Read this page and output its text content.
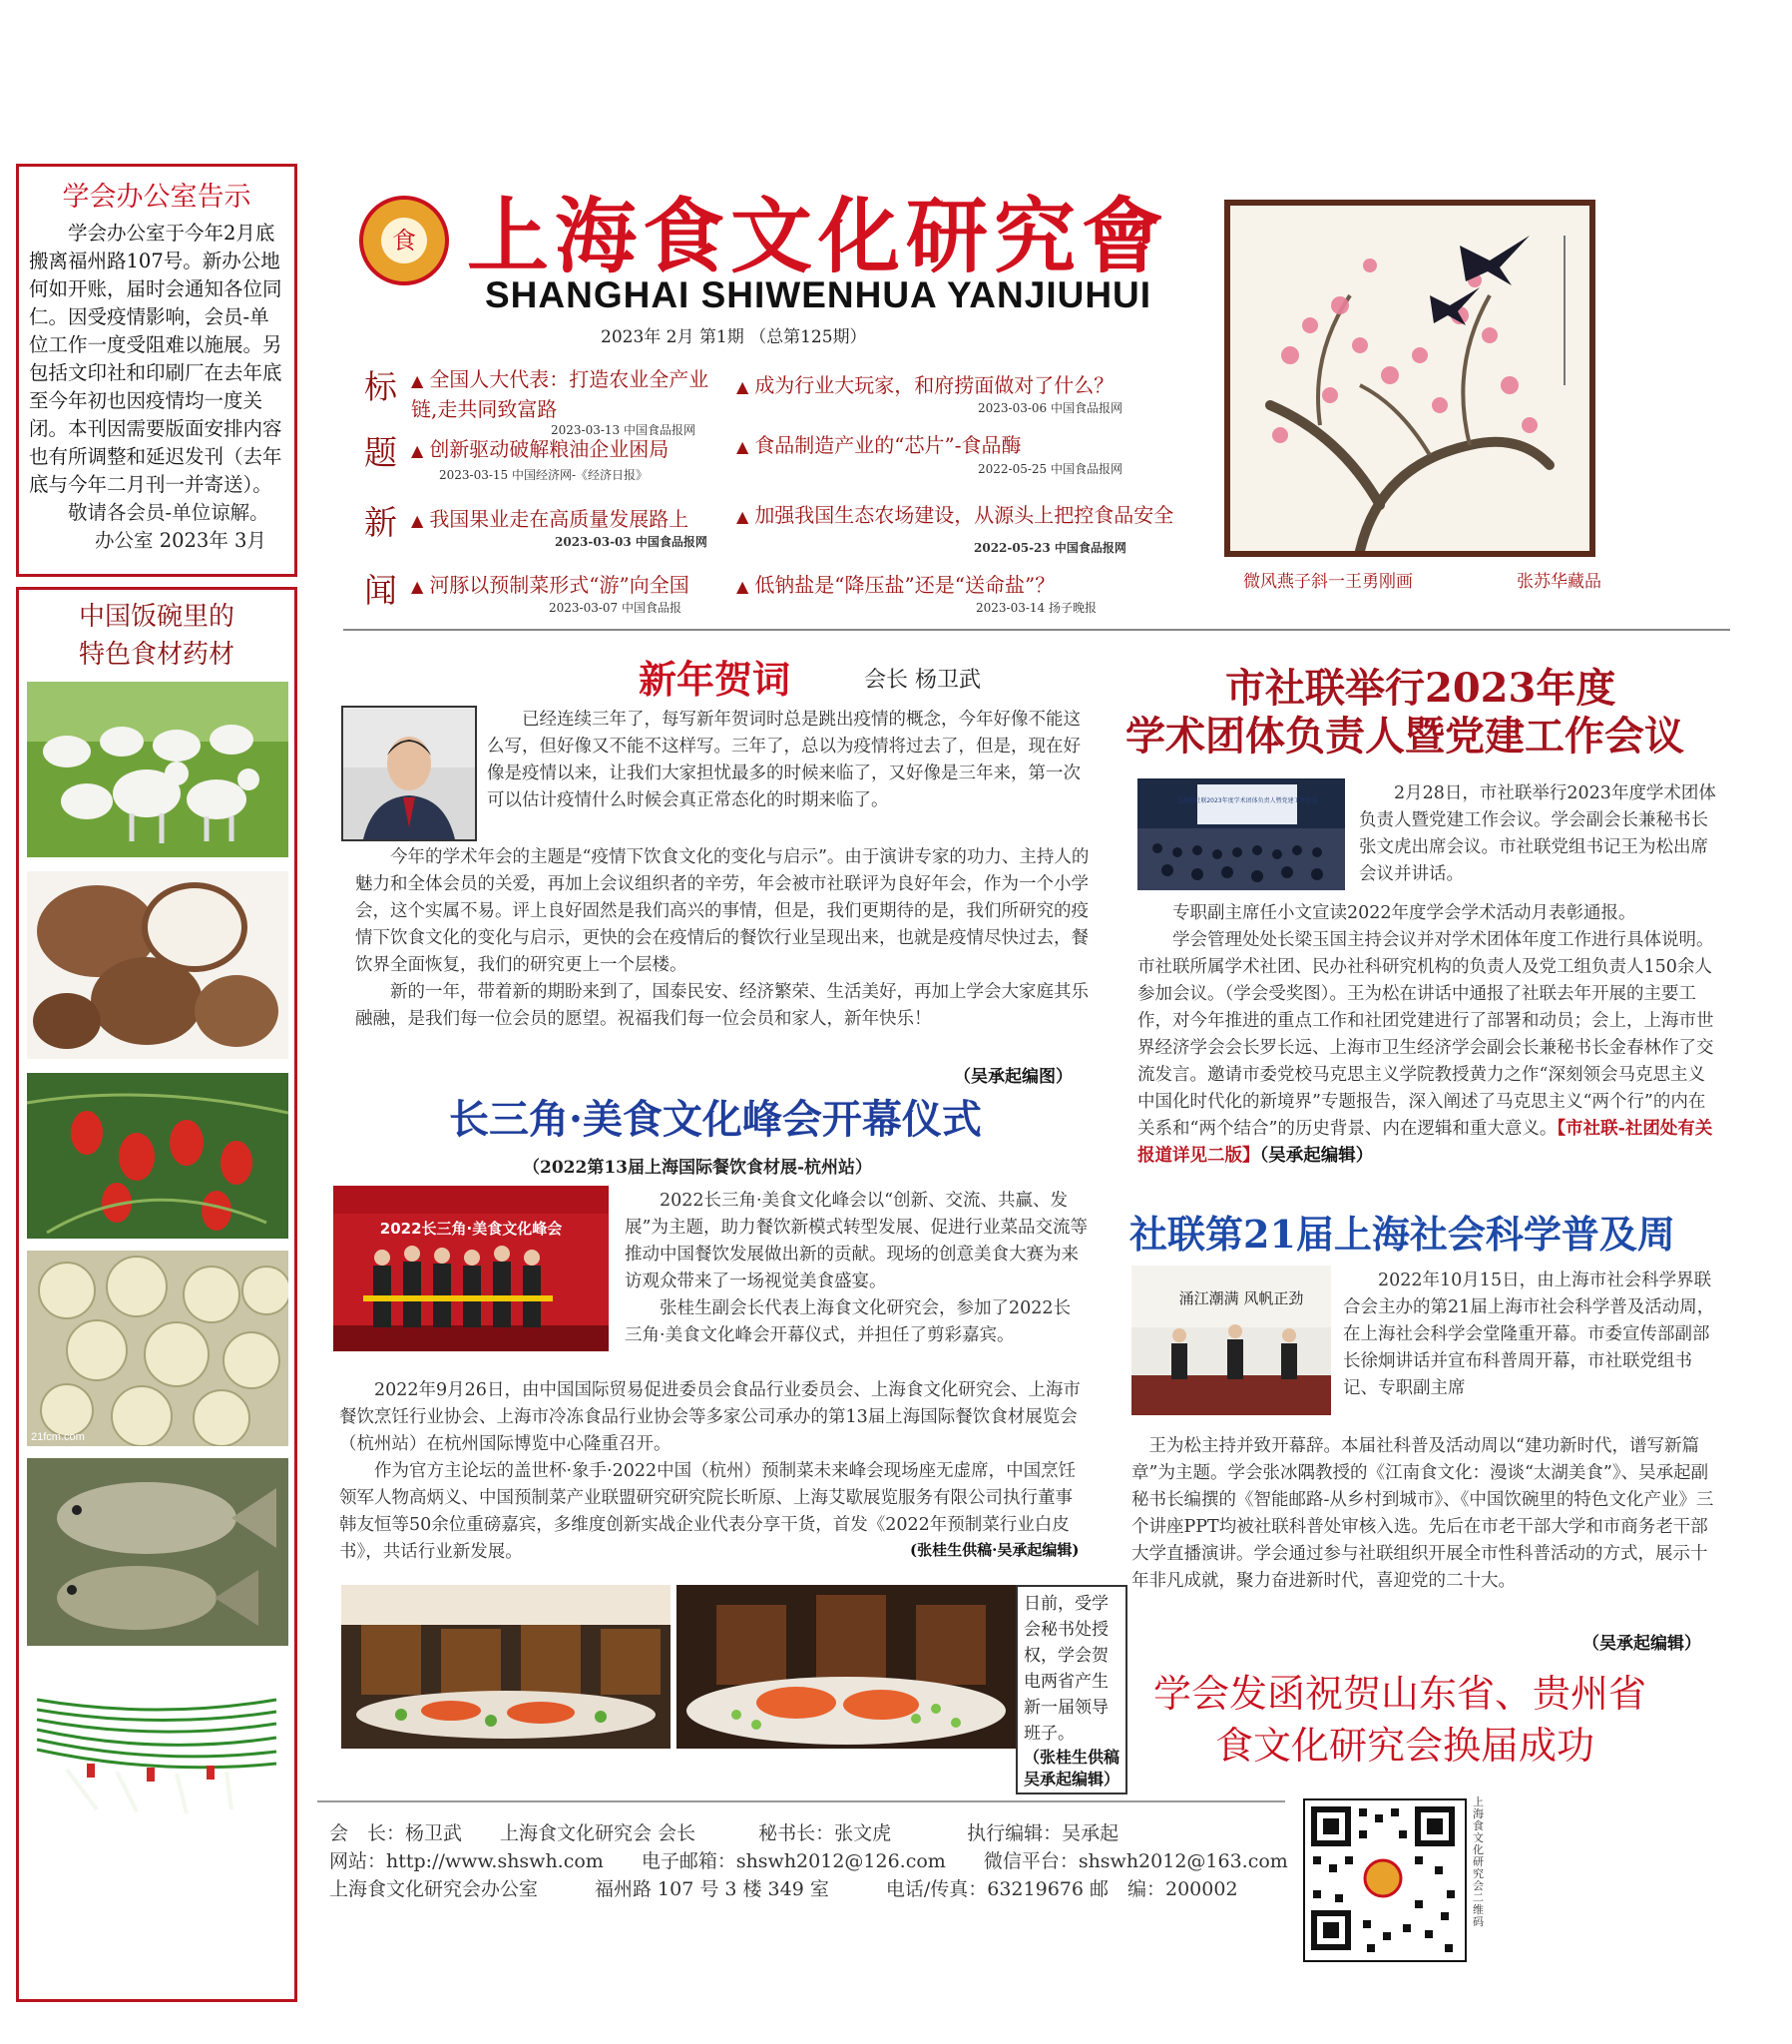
学会办公室告示

学会办公室于今年2月底搬离福州路107号。新办公地何如开账，届时会通知各位同仁。因受疫情影响，会员-单位工作一度受阻难以施展。另包括文印社和印刷厂在去年底至今年初也因疫情均一度关闭。本刊因需要版面安排内容也有所调整和延迟发刊（去年底与今年二月刊一并寄送）。

敬请各会员-单位谅解。

办公室 2023年 3月

中国饭碗里的
特色食材药材
21fcm.com
食 上海食文化研究會
SHANGHAI SHIWENHUA YANJIUHUI
2023年 2月 第1期 （总第125期）
标
题
新
闻
▲ 全国人大代表：打造农业全产业链,走共同致富路
2023-03-13 中国食品报网
▲ 成为行业大玩家，和府捞面做对了什么？
2023-03-06 中国食品报网
▲ 创新驱动破解粮油企业困局
2023-03-15 中国经济网-《经济日报》
▲ 食品制造产业的“芯片”-食品酶
2022-05-25 中国食品报网
▲ 我国果业走在高质量发展路上
2023-03-03 中国食品报网
▲ 加强我国生态农场建设，从源头上把控食品安全
2022-05-23 中国食品报网
▲ 河豚以预制菜形式“游”向全国
2023-03-07 中国食品报
▲ 低钠盐是“降压盐”还是“送命盐”？
2023-03-14 扬子晚报
微风燕子斜一王勇刚画	张苏华藏品
新年贺词	会长 杨卫武

已经连续三年了，每写新年贺词时总是跳出疫情的概念，今年好像不能这么写，但好像又不能不这样写。三年了，总以为疫情将过去了，但是，现在好像是疫情以来，让我们大家担忧最多的时候来临了，又好像是三年来，第一次可以估计疫情什么时候会真正常态化的时期来临了。

今年的学术年会的主题是“疫情下饮食文化的变化与启示”。由于演讲专家的功力、主持人的魅力和全体会员的关爱，再加上会议组织者的辛劳，年会被市社联评为良好年会，作为一个小学会，这个实属不易。评上良好固然是我们高兴的事情，但是，我们更期待的是，我们所研究的疫情下饮食文化的变化与启示，更快的会在疫情后的餐饮行业呈现出来，也就是疫情尽快过去，餐饮界全面恢复，我们的研究更上一个层楼。

新的一年，带着新的期盼来到了，国泰民安、经济繁荣、生活美好，再加上学会大家庭其乐融融，是我们每一位会员的愿望。祝福我们每一位会员和家人，新年快乐！

（吴承起编图）
长三角·美食文化峰会开幕仪式
（2022第13届上海国际餐饮食材展-杭州站）
2022长三角·美食文化峰会

2022长三角·美食文化峰会以“创新、交流、共赢、发展”为主题，助力餐饮新模式转型发展、促进行业菜品交流等推动中国餐饮发展做出新的贡献。现场的创意美食大赛为来访观众带来了一场视觉美食盛宴。

张桂生副会长代表上海食文化研究会，参加了2022长三角·美食文化峰会开幕仪式，并担任了剪彩嘉宾。

2022年9月26日，由中国国际贸易促进委员会食品行业委员会、上海食文化研究会、上海市餐饮烹饪行业协会、上海市冷冻食品行业协会等多家公司承办的第13届上海国际餐饮食材展览会（杭州站）在杭州国际博览中心隆重召开。

作为官方主论坛的盖世杯·象手·2022中国（杭州）预制菜未来峰会现场座无虚席，中国烹饪领军人物高炳义、中国预制菜产业联盟研究研究院长昕原、上海艾歇展览服务有限公司执行董事韩友恒等50余位重磅嘉宾，多维度创新实战企业代表分享干货，首发《2022年预制菜行业白皮书》，共话行业新发展。	(张桂生供稿·吴承起编辑)
日前，受学会秘书处授权，学会贺电两省产生新一届领导班子。
（张桂生供稿吴承起编辑）
市社联举行2023年度
学术团体负责人暨党建工作会议
上海市社联2023年度学术团体负责人暨党建工作会议	2月28日，市社联举行2023年度学术团体负责人暨党建工作会议。学会副会长兼秘书长张文虎出席会议。市社联党组书记王为松出席会议并讲话。

专职副主席任小文宣读2022年度学会学术活动月表彰通报。

学会管理处处长梁玉国主持会议并对学术团体年度工作进行具体说明。市社联所属学术社团、民办社科研究机构的负责人及党工组负责人150余人参加会议。（学会受奖图）。王为松在讲话中通报了社联去年开展的主要工作，对今年推进的重点工作和社团党建进行了部署和动员；会上，上海市世界经济学会会长罗长远、上海市卫生经济学会副会长兼秘书长金春林作了交流发言。邀请市委党校马克思主义学院教授黄力之作“深刻领会马克思主义中国化时代化的新境界”专题报告，深入阐述了马克思主义“两个行”的内在关系和“两个结合”的历史背景、内在逻辑和重大意义。【市社联-社团处有关报道详见二版】（吴承起编辑）

社联第21届上海社会科学普及周
涌江潮满 风帆正劲

2022年10月15日，由上海市社会科学界联合会主办的第21届上海市社会科学普及活动周，在上海社会科学会堂隆重开幕。市委宣传部副部长徐炯讲话并宣布科普周开幕，市社联党组书记、专职副主席

王为松主持并致开幕辞。本届社科普及活动周以“建功新时代，谱写新篇章”为主题。学会张冰隅教授的《江南食文化：漫谈“太湖美食”》、吴承起副秘书长编撰的《智能邮路-从乡村到城市》、《中国饮碗里的特色文化产业》三个讲座PPT均被社联科普处审核入选。先后在市老干部大学和市商务老干部大学直播演讲。学会通过参与社联组织开展全市性科普活动的方式，展示十年非凡成就，聚力奋进新时代，喜迎党的二十大。

（吴承起编辑）
学会发函祝贺山东省、贵州省
食文化研究会换届成功
会　长：杨卫武　　上海食文化研究会 会长　　　 秘书长：张文虎　　　　执行编辑：吴承起
网站：http://www.shswh.com　　电子邮箱：shswh2012@126.com　　微信平台：shswh2012@163.com
上海食文化研究会办公室　　　福州路 107 号 3 楼 349 室　　　电话/传真：63219676 邮　编：200002
上海食文化研究会二维码
